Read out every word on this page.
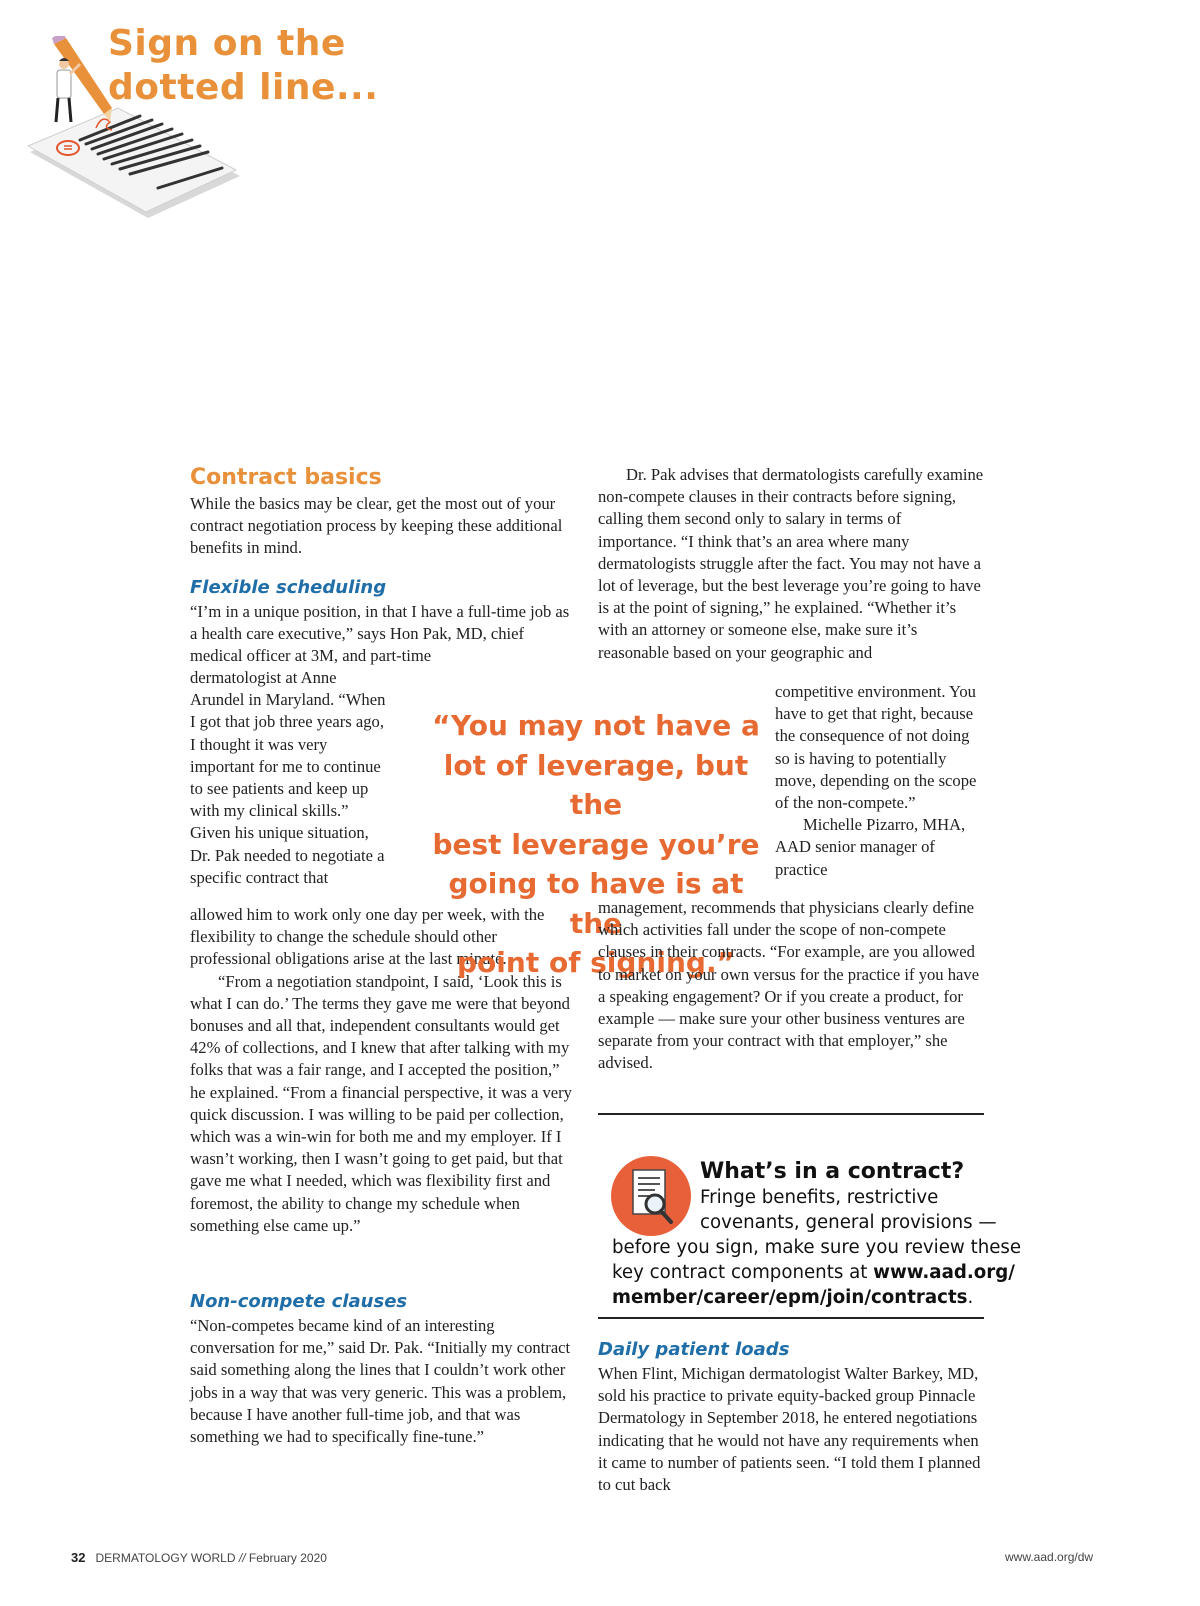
Sign on the
dotted line...
Contract basics

While the basics may be clear, get the most out of your contract negotiation process by keeping these additional benefits in mind.

Flexible scheduling

“I’m in a unique position, in that I have a full-time job as a health care executive,” says Hon Pak, MD, chief medical officer at 3M, and part-time

dermatologist at Anne Arundel in Maryland. “When I got that job three years ago, I thought it was very important for me to continue to see patients and keep up with my clinical skills.” Given his unique situation, Dr. Pak needed to negotiate a specific contract that

allowed him to work only one day per week, with the flexibility to change the schedule should other professional obligations arise at the last minute.

“From a negotiation standpoint, I said, ‘Look this is what I can do.’ The terms they gave me were that beyond bonuses and all that, independent consultants would get 42% of collections, and I knew that after talking with my folks that was a fair range, and I accepted the position,” he explained. “From a financial perspective, it was a very quick discussion. I was willing to be paid per collection, which was a win-win for both me and my employer. If I wasn’t working, then I wasn’t going to get paid, but that gave me what I needed, which was flexibility first and foremost, the ability to change my schedule when something else came up.”

Non-compete clauses

“Non-competes became kind of an interesting conversation for me,” said Dr. Pak. “Initially my contract said something along the lines that I couldn’t work other jobs in a way that was very generic. This was a problem, because I have another full-time job, and that was something we had to specifically fine-tune.”

“You may not have a
lot of leverage, but the
best leverage you’re
going to have is at the
point of signing.”

Dr. Pak advises that dermatologists carefully examine non-compete clauses in their contracts before signing, calling them second only to salary in terms of importance. “I think that’s an area where many dermatologists struggle after the fact. You may not have a lot of leverage, but the best leverage you’re going to have is at the point of signing,” he explained. “Whether it’s with an attorney or someone else, make sure it’s reasonable based on your geographic and

competitive environment. You have to get that right, because the consequence of not doing so is having to potentially move, depending on the scope of the non-compete.”

Michelle Pizarro, MHA, AAD senior manager of practice

management, recommends that physicians clearly define which activities fall under the scope of non-compete clauses in their contracts. “For example, are you allowed to market on your own versus for the practice if you have a speaking engagement? Or if you create a product, for example — make sure your other business ventures are separate from your contract with that employer,” she advised.

What’s in a contract?
Fringe benefits, restrictive
covenants, general provisions —
before you sign, make sure you review these
key contract components at www.aad.org/
member/career/epm/join/contracts.
Daily patient loads

When Flint, Michigan dermatologist Walter Barkey, MD, sold his practice to private equity-backed group Pinnacle Dermatology in September 2018, he entered negotiations indicating that he would not have any requirements when it came to number of patients seen. “I told them I planned to cut back

32 DERMATOLOGY WORLD // February 2020	www.aad.org/dw
